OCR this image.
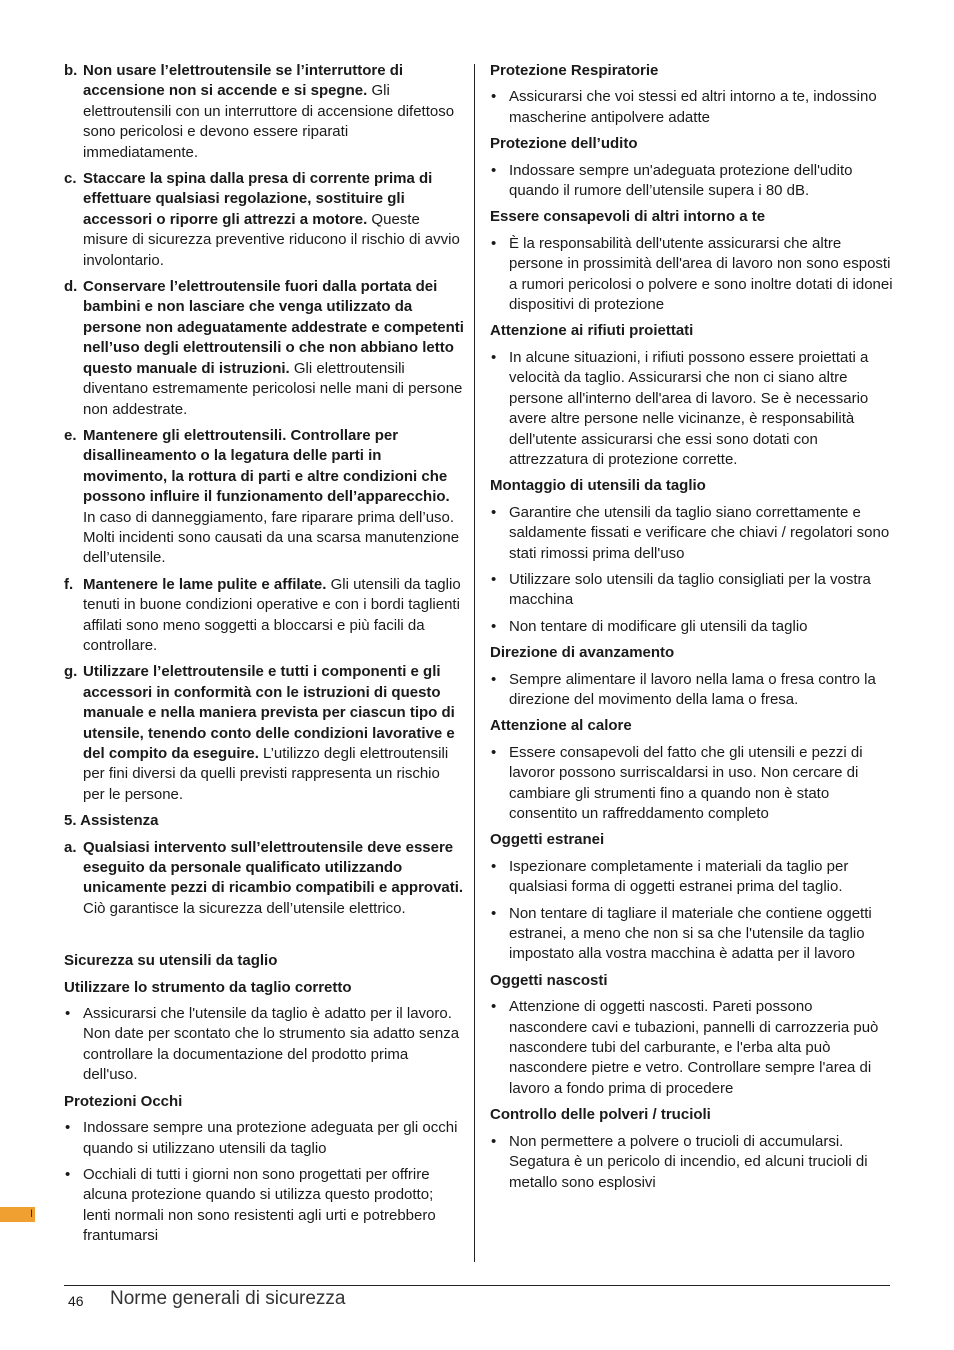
b. Non usare l’elettroutensile se l’interruttore di accensione non si accende e si spegne. Gli elettroutensili con un interruttore di accensione difettoso sono pericolosi e devono essere riparati immediatamente.
c. Staccare la spina dalla presa di corrente prima di effettuare qualsiasi regolazione, sostituire gli accessori o riporre gli attrezzi a motore. Queste misure di sicurezza preventive riducono il rischio di avvio involontario.
d. Conservare l’elettroutensile fuori dalla portata dei bambini e non lasciare che venga utilizzato da persone non adeguatamente addestrate e competenti nell’uso degli elettroutensili o che non abbiano letto questo manuale di istruzioni. Gli elettroutensili diventano estremamente pericolosi nelle mani di persone non addestrate.
e. Mantenere gli elettroutensili. Controllare per disallineamento o la legatura delle parti in movimento, la rottura di parti e altre condizioni che possono influire il funzionamento dell’apparecchio. In caso di danneggiamento, fare riparare prima dell’uso. Molti incidenti sono causati da una scarsa manutenzione dell’utensile.
f. Mantenere le lame pulite e affilate. Gli utensili da taglio tenuti in buone condizioni operative e con i bordi taglienti affilati sono meno soggetti a bloccarsi e più facili da controllare.
g. Utilizzare l’elettroutensile e tutti i componenti e gli accessori in conformità con le istruzioni di questo manuale e nella maniera prevista per ciascun tipo di utensile, tenendo conto delle condizioni lavorative e del compito da eseguire. L’utilizzo degli elettroutensili per fini diversi da quelli previsti rappresenta un rischio per le persone.
5. Assistenza
a. Qualsiasi intervento sull’elettroutensile deve essere eseguito da personale qualificato utilizzando unicamente pezzi di ricambio compatibili e approvati. Ciò garantisce la sicurezza dell’utensile elettrico.
Sicurezza su utensili da taglio
Utilizzare lo strumento da taglio corretto
• Assicurarsi che l'utensile da taglio è adatto per il lavoro. Non date per scontato che lo strumento sia adatto senza controllare la documentazione del prodotto prima dell'uso.
Protezioni Occhi
• Indossare sempre una protezione adeguata per gli occhi quando si utilizzano utensili da taglio
• Occhiali di tutti i giorni non sono progettati per offrire alcuna protezione quando si utilizza questo prodotto; lenti normali non sono resistenti agli urti e potrebbero frantumarsi
Protezione Respiratorie
• Assicurarsi che voi stessi ed altri intorno a te, indossino mascherine antipolvere adatte
Protezione dell’udito
• Indossare sempre un'adeguata protezione dell'udito quando il rumore dell’utensile supera i 80 dB.
Essere consapevoli di altri intorno a te
• È la responsabilità dell'utente assicurarsi che altre persone in prossimità dell'area di lavoro non sono esposti a rumori pericolosi o polvere e sono inoltre dotati di idonei dispositivi di protezione
Attenzione ai rifiuti proiettati
• In alcune situazioni, i rifiuti possono essere proiettati a velocità da taglio. Assicurarsi che non ci siano altre persone all'interno dell'area di lavoro. Se è necessario avere altre persone nelle vicinanze, è responsabilità dell'utente assicurarsi che essi sono dotati con attrezzatura di protezione corrette.
Montaggio di utensili da taglio
• Garantire che utensili da taglio siano correttamente e saldamente fissati e verificare che chiavi / regolatori sono stati rimossi prima dell'uso
• Utilizzare solo utensili da taglio consigliati per la vostra macchina
• Non tentare di modificare gli utensili da taglio
Direzione di avanzamento
• Sempre alimentare il lavoro nella lama o fresa contro la direzione del movimento della lama o fresa.
Attenzione al calore
• Essere consapevoli del fatto che gli utensili e pezzi di lavoror possono surriscaldarsi in uso. Non cercare di cambiare gli strumenti fino a quando non è stato consentito un raffreddamento completo
Oggetti estranei
• Ispezionare completamente i materiali da taglio per qualsiasi forma di oggetti estranei prima del taglio.
• Non tentare di tagliare il materiale che contiene oggetti estranei, a meno che non si sa che l'utensile da taglio impostato alla vostra macchina è adatta per il lavoro
Oggetti nascosti
• Attenzione di oggetti nascosti. Pareti possono nascondere cavi e tubazioni, pannelli di carrozzeria può nascondere tubi del carburante, e l'erba alta può nascondere pietre e vetro. Controllare sempre l'area di lavoro a fondo prima di procedere
Controllo delle polveri / trucioli
• Non permettere a polvere o trucioli di accumularsi. Segatura è un pericolo di incendio, ed alcuni trucioli di metallo sono esplosivi
I
46 Norme generali di sicurezza
